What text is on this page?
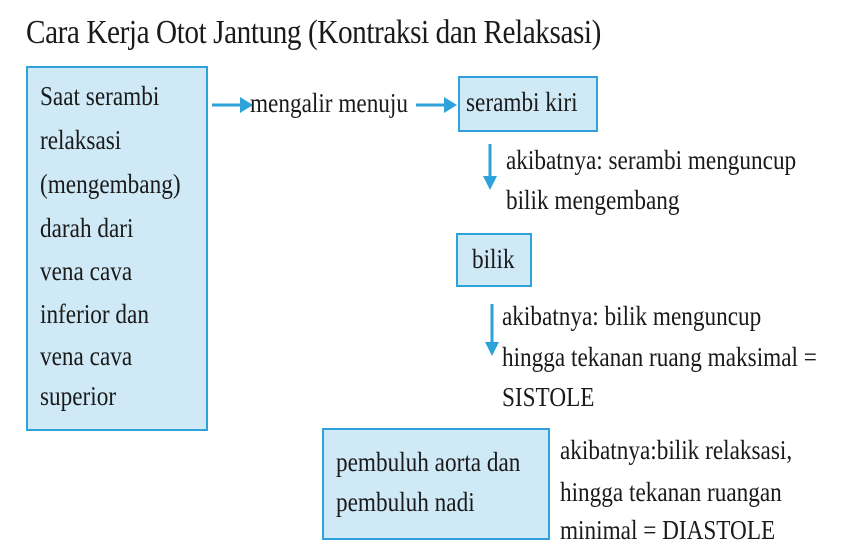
Cara Kerja Otot Jantung (Kontraksi dan Relaksasi)
Saat serambi
relaksasi
(mengembang)
darah dari
vena cava
inferior dan
vena cava
superior
mengalir menuju serambi kiri
akibatnya: serambi menguncup
bilik mengembang
bilik
akibatnya: bilik menguncup
hingga tekanan ruang maksimal =
SISTOLE
pembuluh aorta dan
pembuluh nadi
akibatnya:bilik relaksasi,
hingga tekanan ruangan
minimal = DIASTOLE
